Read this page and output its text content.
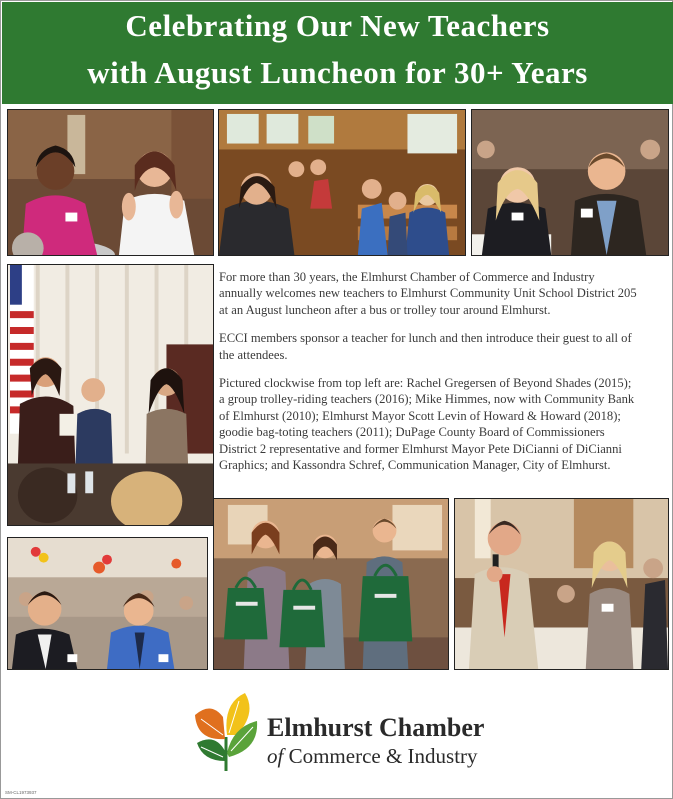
Celebrating Our New Teachers
with August Luncheon for 30+ Years

For more than 30 years, the Elmhurst Chamber of Commerce and Industry annually welcomes new teachers to Elmhurst Community Unit School District 205 at an August luncheon after a bus or trolley tour around Elmhurst.

ECCI members sponsor a teacher for lunch and then introduce their guest to all of the attendees.

Pictured clockwise from top left are: Rachel Gregersen of Beyond Shades (2015); a group trolley-riding teachers (2016); Mike Himmes, now with Community Bank of Elmhurst (2010); Elmhurst Mayor Scott Levin of Howard & Howard (2018); goodie bag-toting teachers (2011); DuPage County Board of Commissioners District 2 representative and former Elmhurst Mayor Pete DiCianni of DiCianni Graphics; and Kassondra Schref, Communication Manager, City of Elmhurst.

Elmhurst Chamber
of Commerce & Industry
SM-CL1973937
